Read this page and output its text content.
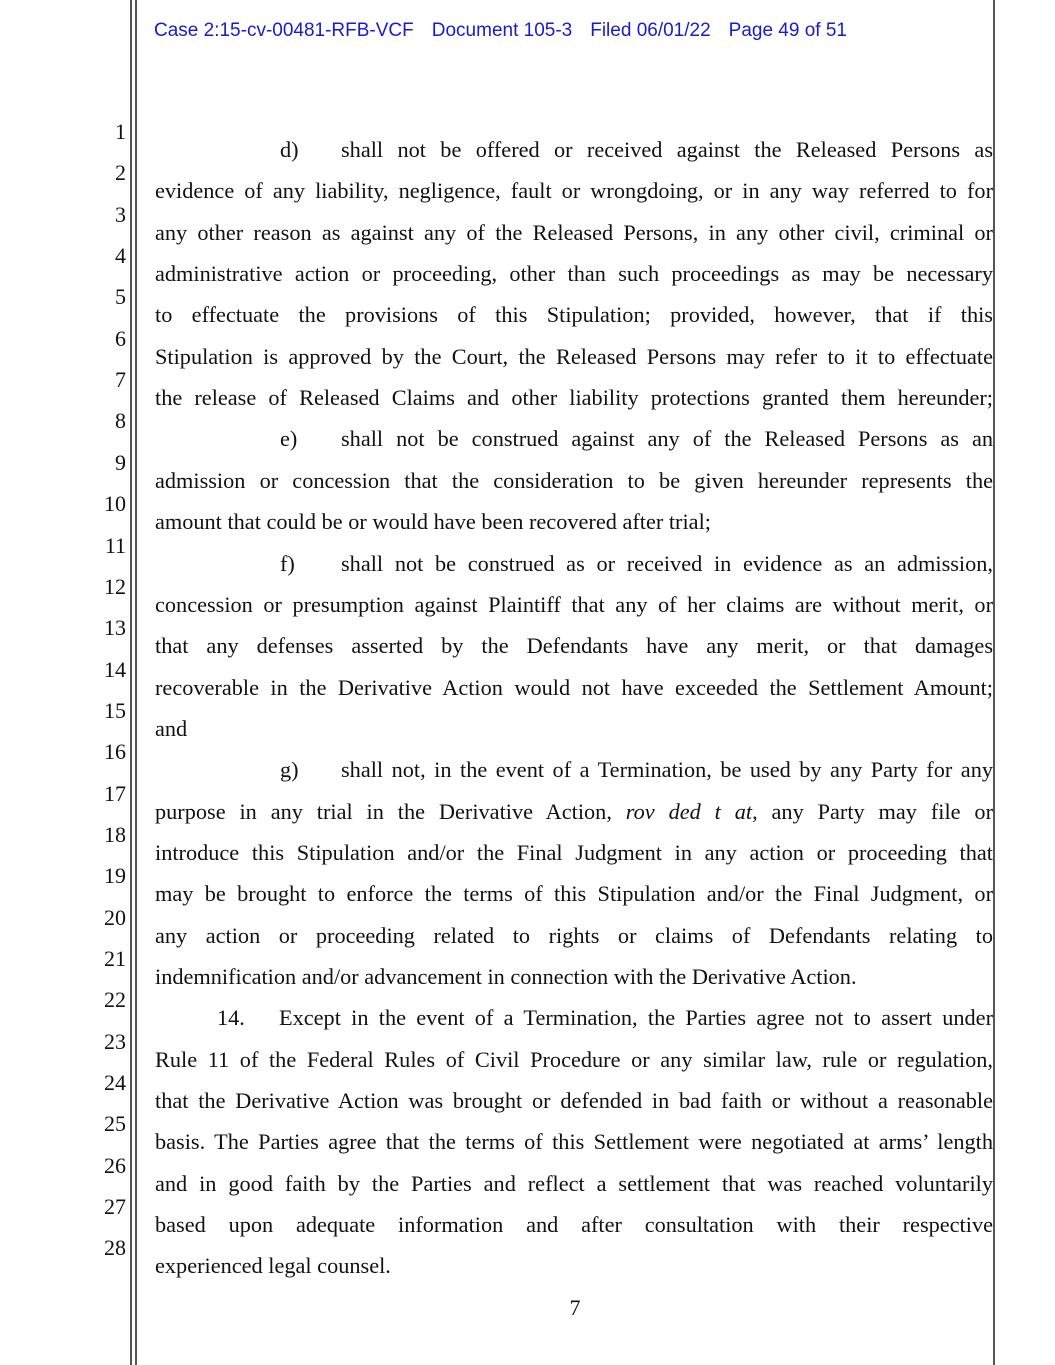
Case 2:15-cv-00481-RFB-VCF Document 105-3 Filed 06/01/22 Page 49 of 51
1
2
3
4
5
6
7
8
9
10
11
12
13
14
15
16
17
18
19
20
21
22
23
24
25
26
27
28
d) shall not be offered or received against the Released Persons as
evidence of any liability, negligence, fault or wrongdoing, or in any way referred to for
any other reason as against any of the Released Persons, in any other civil, criminal or
administrative action or proceeding, other than such proceedings as may be necessary
to effectuate the provisions of this Stipulation; provided, however, that if this
Stipulation is approved by the Court, the Released Persons may refer to it to effectuate
the release of Released Claims and other liability protections granted them hereunder;
e) shall not be construed against any of the Released Persons as an
admission or concession that the consideration to be given hereunder represents the
amount that could be or would have been recovered after trial;
f) shall not be construed as or received in evidence as an admission,
concession or presumption against Plaintiff that any of her claims are without merit, or
that any defenses asserted by the Defendants have any merit, or that damages
recoverable in the Derivative Action would not have exceeded the Settlement Amount;
and
g) shall not, in the event of a Termination, be used by any Party for any
purpose in any trial in the Derivative Action, rov ded t at, any Party may file or
introduce this Stipulation and/or the Final Judgment in any action or proceeding that
may be brought to enforce the terms of this Stipulation and/or the Final Judgment, or
any action or proceeding related to rights or claims of Defendants relating to
indemnification and/or advancement in connection with the Derivative Action.
14. Except in the event of a Termination, the Parties agree not to assert under
Rule 11 of the Federal Rules of Civil Procedure or any similar law, rule or regulation,
that the Derivative Action was brought or defended in bad faith or without a reasonable
basis. The Parties agree that the terms of this Settlement were negotiated at arms’ length
and in good faith by the Parties and reflect a settlement that was reached voluntarily
based upon adequate information and after consultation with their respective
experienced legal counsel.
7
